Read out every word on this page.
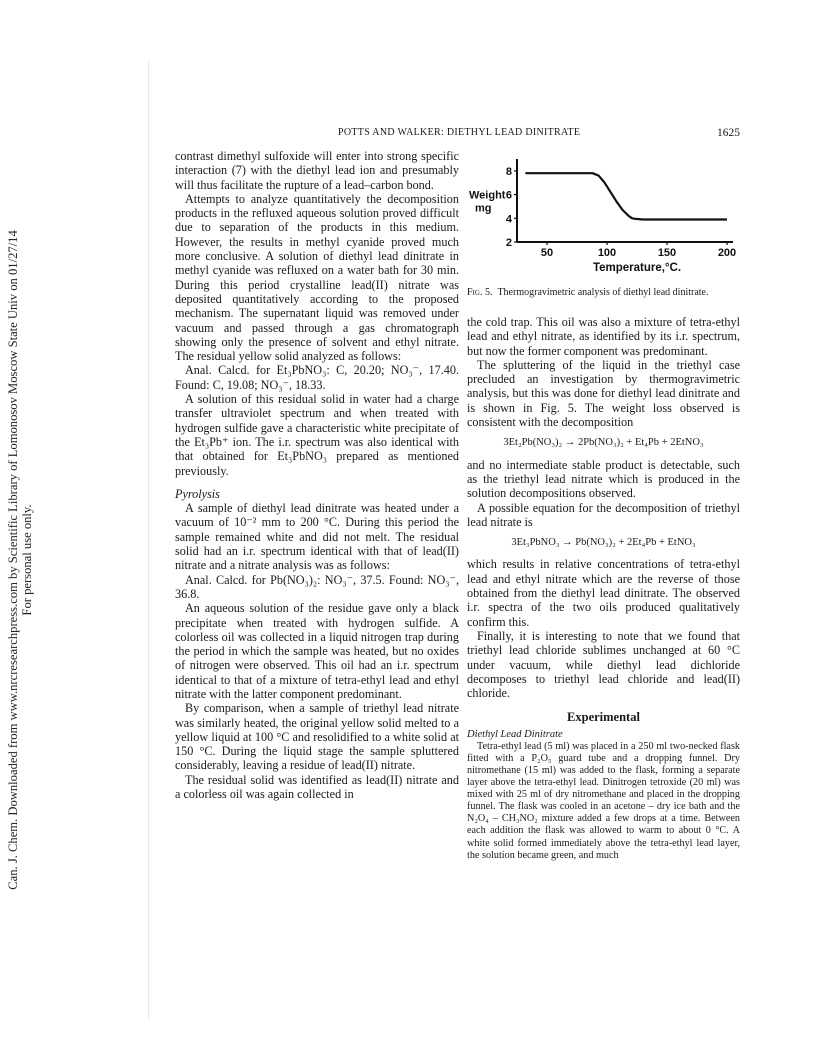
Can. J. Chem. Downloaded from www.nrcresearchpress.com by Scientific Library of Lomonosov Moscow State Univ on 01/27/14 For personal use only.
POTTS AND WALKER: DIETHYL LEAD DINITRATE	1625

contrast dimethyl sulfoxide will enter into strong specific interaction (7) with the diethyl lead ion and presumably will thus facilitate the rupture of a lead–carbon bond.

Attempts to analyze quantitatively the decomposition products in the refluxed aqueous solution proved difficult due to separation of the products in this medium. However, the results in methyl cyanide proved much more conclusive. A solution of diethyl lead dinitrate in methyl cyanide was refluxed on a water bath for 30 min. During this period crystalline lead(II) nitrate was deposited quantitatively according to the proposed mechanism. The supernatant liquid was removed under vacuum and passed through a gas chromatograph showing only the presence of solvent and ethyl nitrate. The residual yellow solid analyzed as follows:

Anal. Calcd. for Et₃PbNO₃: C, 20.20; NO₃⁻, 17.40. Found: C, 19.08; NO₃⁻, 18.33.

A solution of this residual solid in water had a charge transfer ultraviolet spectrum and when treated with hydrogen sulfide gave a characteristic white precipitate of the Et₃Pb⁺ ion. The i.r. spectrum was also identical with that obtained for Et₃PbNO₃ prepared as mentioned previously.

Pyrolysis

A sample of diethyl lead dinitrate was heated under a vacuum of 10⁻² mm to 200 °C. During this period the sample remained white and did not melt. The residual solid had an i.r. spectrum identical with that of lead(II) nitrate and a nitrate analysis was as follows:

Anal. Calcd. for Pb(NO₃)₂: NO₃⁻, 37.5. Found: NO₃⁻, 36.8.

An aqueous solution of the residue gave only a black precipitate when treated with hydrogen sulfide. A colorless oil was collected in a liquid nitrogen trap during the period in which the sample was heated, but no oxides of nitrogen were observed. This oil had an i.r. spectrum identical to that of a mixture of tetra-ethyl lead and ethyl nitrate with the latter component predominant.

By comparison, when a sample of triethyl lead nitrate was similarly heated, the original yellow solid melted to a yellow liquid at 100 °C and resolidified to a white solid at 150 °C. During the liquid stage the sample spluttered considerably, leaving a residue of lead(II) nitrate.

The residual solid was identified as lead(II) nitrate and a colorless oil was again collected in

2
4
6
8
50	100	150	200
Weight
mg
Temperature,°C.

Fig. 5. Thermogravimetric analysis of diethyl lead dinitrate.

the cold trap. This oil was also a mixture of tetra-ethyl lead and ethyl nitrate, as identified by its i.r. spectrum, but now the former component was predominant.

The spluttering of the liquid in the triethyl case precluded an investigation by thermogravimetric analysis, but this was done for diethyl lead dinitrate and is shown in Fig. 5. The weight loss observed is consistent with the decomposition

3Et₂Pb(NO₃)₂ → 2Pb(NO₃)₂ + Et₄Pb + 2EtNO₃

and no intermediate stable product is detectable, such as the triethyl lead nitrate which is produced in the solution decompositions observed.

A possible equation for the decomposition of triethyl lead nitrate is

3Et₃PbNO₃ → Pb(NO₃)₂ + 2Et₄Pb + EtNO₃

which results in relative concentrations of tetra-ethyl lead and ethyl nitrate which are the reverse of those obtained from the diethyl lead dinitrate. The observed i.r. spectra of the two oils produced qualitatively confirm this.

Finally, it is interesting to note that we found that triethyl lead chloride sublimes unchanged at 60 °C under vacuum, while diethyl lead dichloride decomposes to triethyl lead chloride and lead(II) chloride.

Experimental

Diethyl Lead Dinitrate

Tetra-ethyl lead (5 ml) was placed in a 250 ml two-necked flask fitted with a P₂O₅ guard tube and a dropping funnel. Dry nitromethane (15 ml) was added to the flask, forming a separate layer above the tetra-ethyl lead. Dinitrogen tetroxide (20 ml) was mixed with 25 ml of dry nitromethane and placed in the dropping funnel. The flask was cooled in an acetone – dry ice bath and the N₂O₄ – CH₃NO₂ mixture added a few drops at a time. Between each addition the flask was allowed to warm to about 0 °C. A white solid formed immediately above the tetra-ethyl lead layer, the solution became green, and much
